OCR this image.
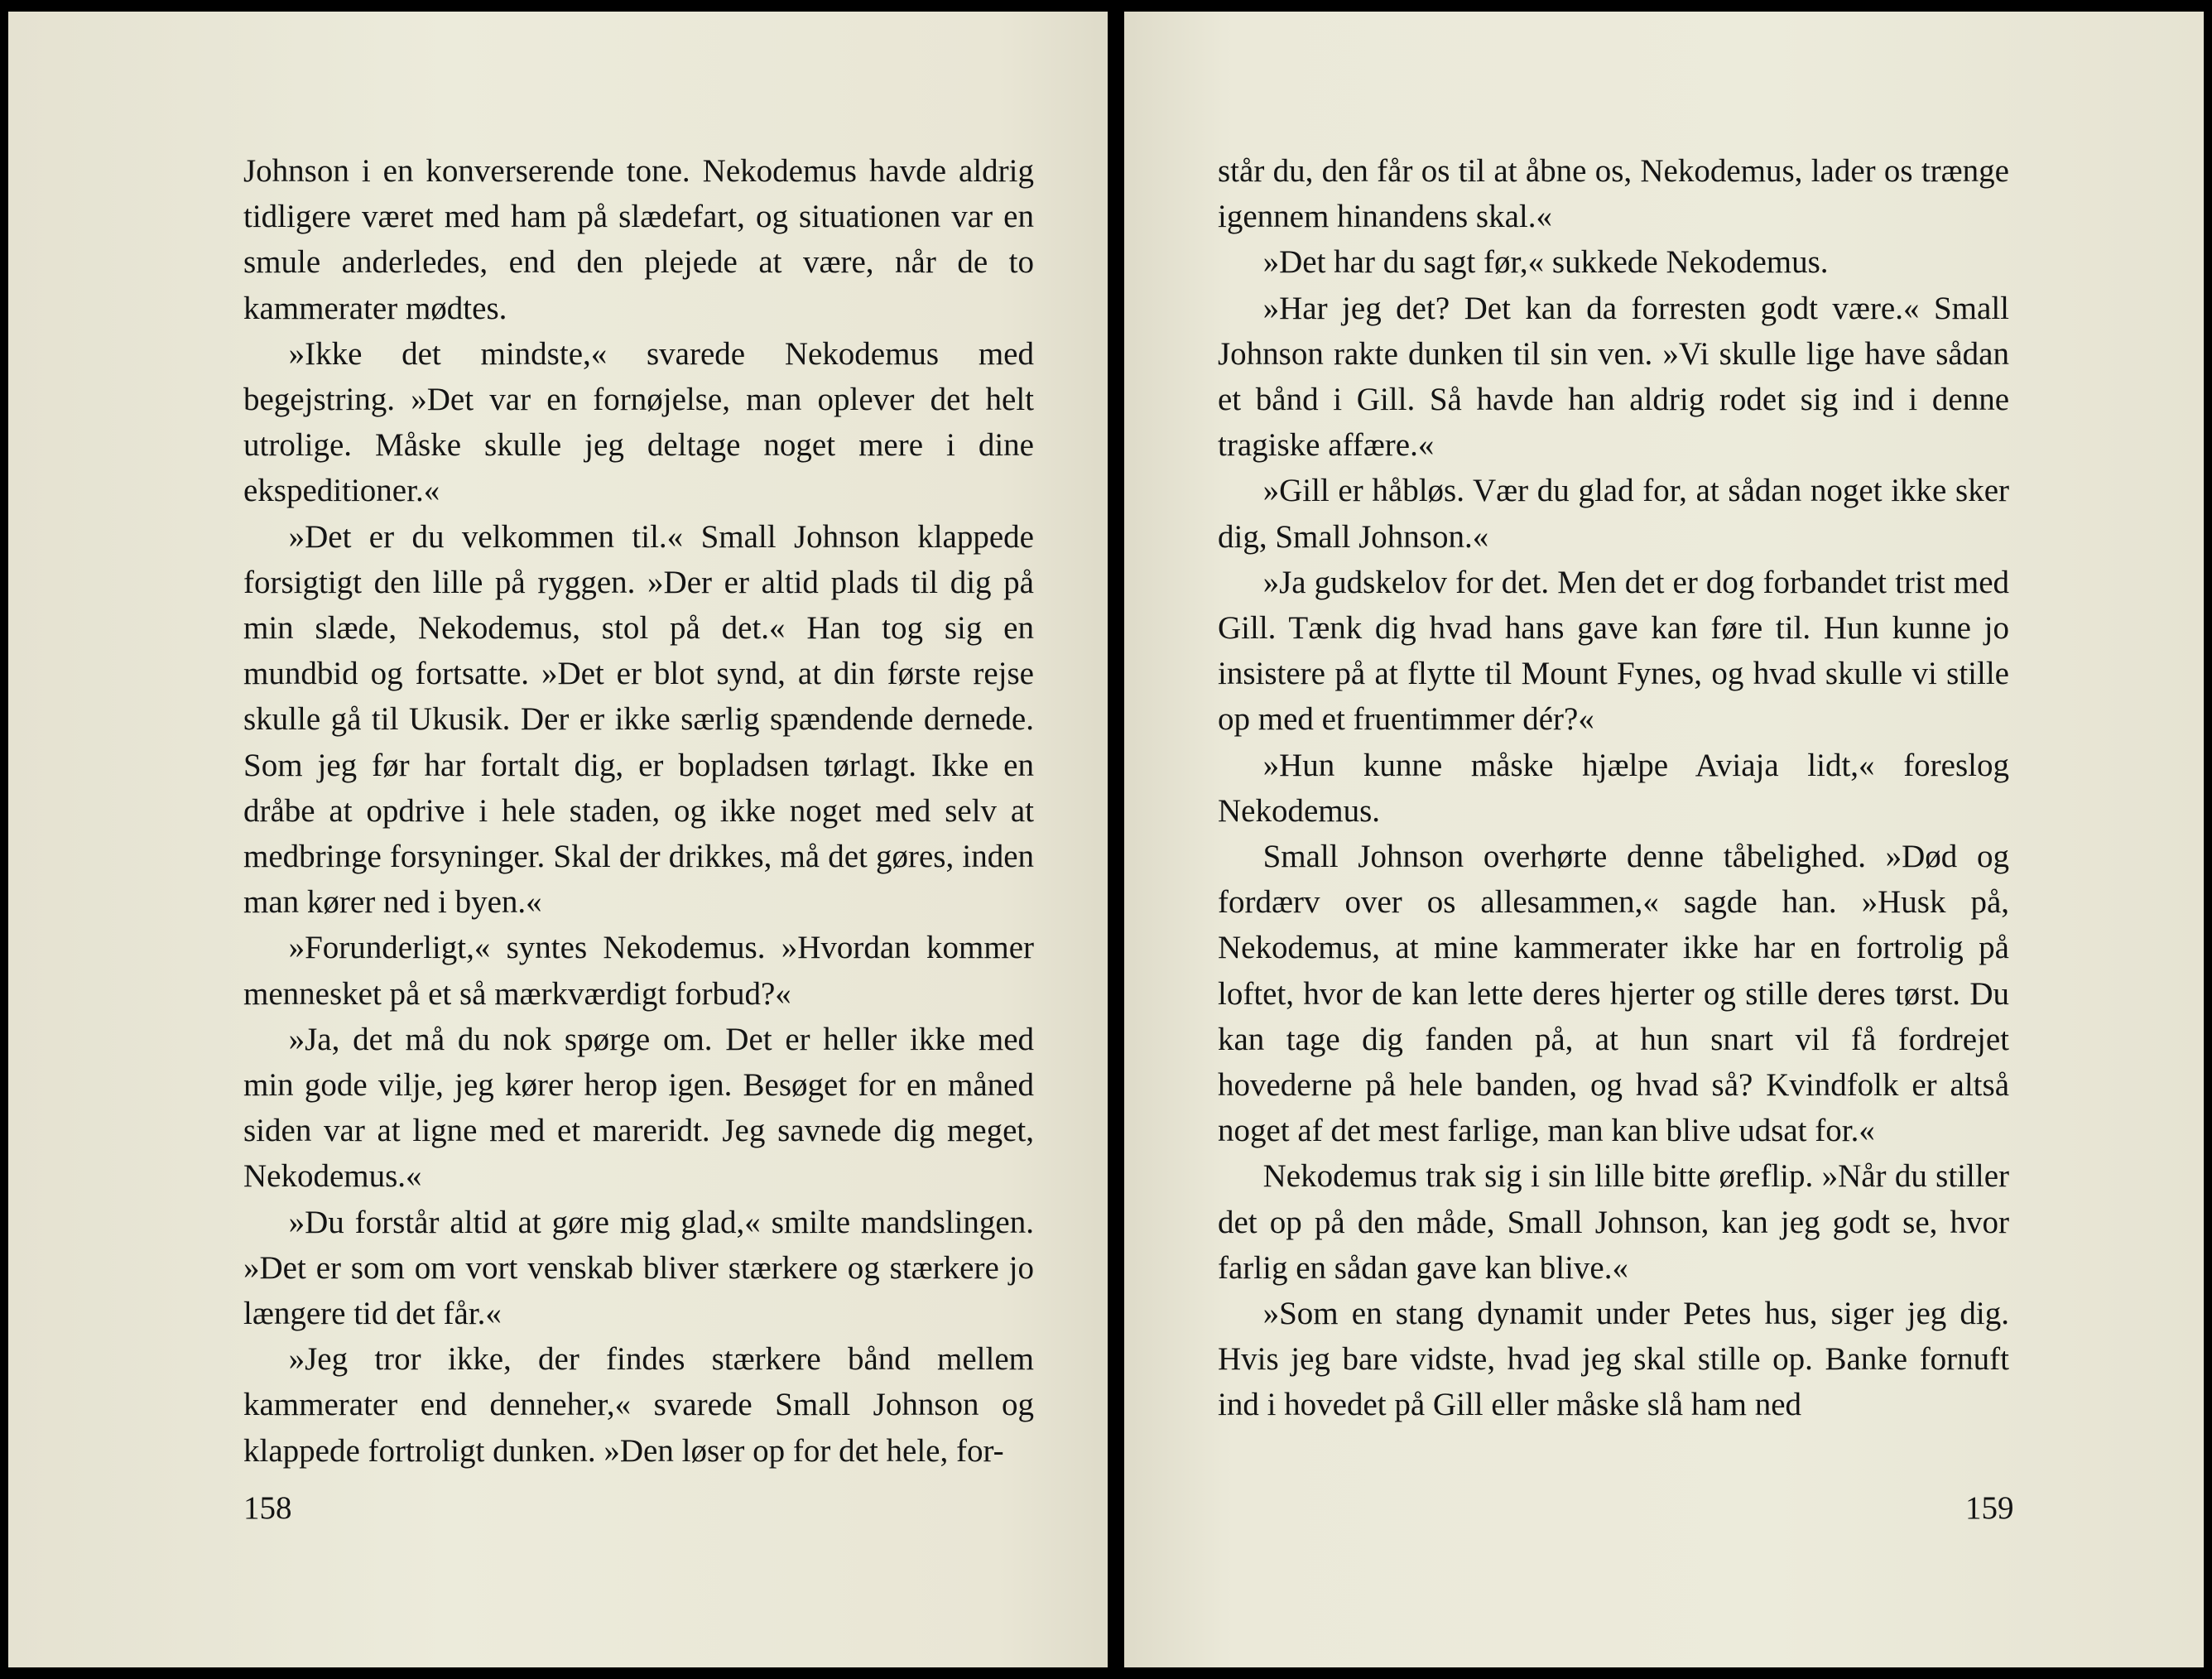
Johnson i en konverserende tone. Nekodemus havde aldrig tidligere været med ham på slædefart, og situationen var en smule anderledes, end den plejede at være, når de to kammerater mødtes.

»Ikke det mindste,« svarede Nekodemus med begejstring. »Det var en fornøjelse, man oplever det helt utrolige. Måske skulle jeg deltage noget mere i dine ekspeditioner.«

»Det er du velkommen til.« Small Johnson klappede forsigtigt den lille på ryggen. »Der er altid plads til dig på min slæde, Nekodemus, stol på det.« Han tog sig en mundbid og fortsatte. »Det er blot synd, at din første rejse skulle gå til Ukusik. Der er ikke særlig spændende dernede. Som jeg før har fortalt dig, er bopladsen tørlagt. Ikke en dråbe at opdrive i hele staden, og ikke noget med selv at medbringe forsyninger. Skal der drikkes, må det gøres, inden man kører ned i byen.«

»Forunderligt,« syntes Nekodemus. »Hvordan kommer mennesket på et så mærkværdigt forbud?«

»Ja, det må du nok spørge om. Det er heller ikke med min gode vilje, jeg kører herop igen. Besøget for en måned siden var at ligne med et mareridt. Jeg savnede dig meget, Nekodemus.«

»Du forstår altid at gøre mig glad,« smilte mandslingen. »Det er som om vort venskab bliver stærkere og stærkere jo længere tid det får.«

»Jeg tror ikke, der findes stærkere bånd mellem kammerater end denneher,« svarede Small Johnson og klappede fortroligt dunken. »Den løser op for det hele, for-

158

står du, den får os til at åbne os, Nekodemus, lader os trænge igennem hinandens skal.«

»Det har du sagt før,« sukkede Nekodemus.

»Har jeg det? Det kan da forresten godt være.« Small Johnson rakte dunken til sin ven. »Vi skulle lige have sådan et bånd i Gill. Så havde han aldrig rodet sig ind i denne tragiske affære.«

»Gill er håbløs. Vær du glad for, at sådan noget ikke sker dig, Small Johnson.«

»Ja gudskelov for det. Men det er dog forbandet trist med Gill. Tænk dig hvad hans gave kan føre til. Hun kunne jo insistere på at flytte til Mount Fynes, og hvad skulle vi stille op med et fruentimmer dér?«

»Hun kunne måske hjælpe Aviaja lidt,« foreslog Nekodemus.

Small Johnson overhørte denne tåbelighed. »Død og fordærv over os allesammen,« sagde han. »Husk på, Nekodemus, at mine kammerater ikke har en fortrolig på loftet, hvor de kan lette deres hjerter og stille deres tørst. Du kan tage dig fanden på, at hun snart vil få fordrejet hovederne på hele banden, og hvad så? Kvindfolk er altså noget af det mest farlige, man kan blive udsat for.«

Nekodemus trak sig i sin lille bitte øreflip. »Når du stiller det op på den måde, Small Johnson, kan jeg godt se, hvor farlig en sådan gave kan blive.«

»Som en stang dynamit under Petes hus, siger jeg dig. Hvis jeg bare vidste, hvad jeg skal stille op. Banke fornuft ind i hovedet på Gill eller måske slå ham ned

159
